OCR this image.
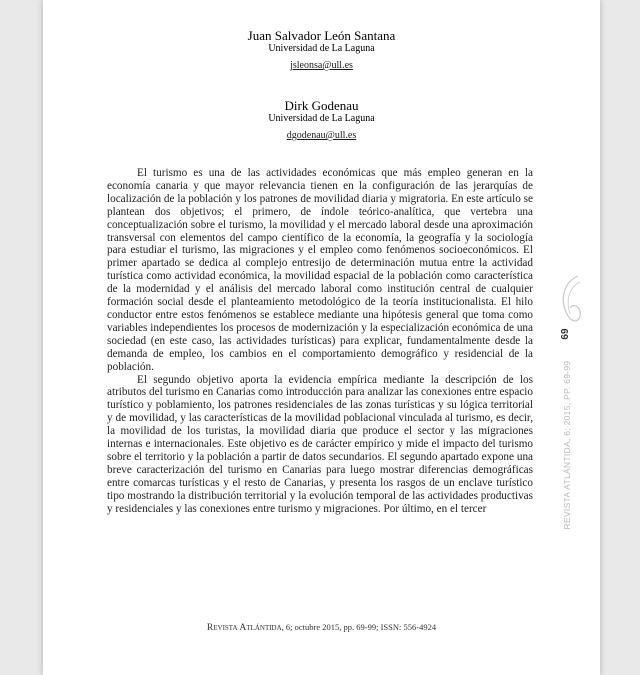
Juan Salvador León Santana
Universidad de La Laguna
jsleonsa@ull.es
Dirk Godenau
Universidad de La Laguna
dgodenau@ull.es

El turismo es una de las actividades económicas que más empleo generan en la economía canaria y que mayor relevancia tienen en la configuración de las jerarquías de localización de la población y los patrones de movilidad diaria y migratoria. En este artículo se plantean dos objetivos; el primero, de índole teórico-analítica, que vertebra una conceptualización sobre el turismo, la movilidad y el mercado laboral desde una aproximación transversal con elementos del campo científico de la economía, la geografía y la sociología para estudiar el turismo, las migraciones y el empleo como fenómenos socioeconómicos. El primer apartado se dedica al complejo entresijo de determinación mutua entre la actividad turística como actividad económica, la movilidad espacial de la población como característica de la modernidad y el análisis del mercado laboral como institución central de cualquier formación social desde el planteamiento metodológico de la teoría institucionalista. El hilo conductor entre estos fenómenos se establece mediante una hipótesis general que toma como variables independientes los procesos de modernización y la especialización económica de una sociedad (en este caso, las actividades turísticas) para explicar, fundamentalmente desde la demanda de empleo, los cambios en el comportamiento demográfico y residencial de la población.

El segundo objetivo aporta la evidencia empírica mediante la descripción de los atributos del turismo en Canarias como introducción para analizar las conexiones entre espacio turístico y poblamiento, los patrones residenciales de las zonas turísticas y su lógica territorial y de movilidad, y las características de la movilidad poblacional vinculada al turismo, es decir, la movilidad de los turistas, la movilidad diaria que produce el sector y las migraciones internas e internacionales. Este objetivo es de carácter empírico y mide el impacto del turismo sobre el territorio y la población a partir de datos secundarios. El segundo apartado expone una breve caracterización del turismo en Canarias para luego mostrar diferencias demográficas entre comarcas turísticas y el resto de Canarias, y presenta los rasgos de un enclave turístico tipo mostrando la distribución territorial y la evolución temporal de las actividades productivas y residenciales y las conexiones entre turismo y migraciones. Por último, en el tercer

Revista Atlántida, 6; octubre 2015, pp. 69-99; ISSN: 556-4924
69
REVISTA ATLÁNTIDA, 6; 2015, PP. 69-99
